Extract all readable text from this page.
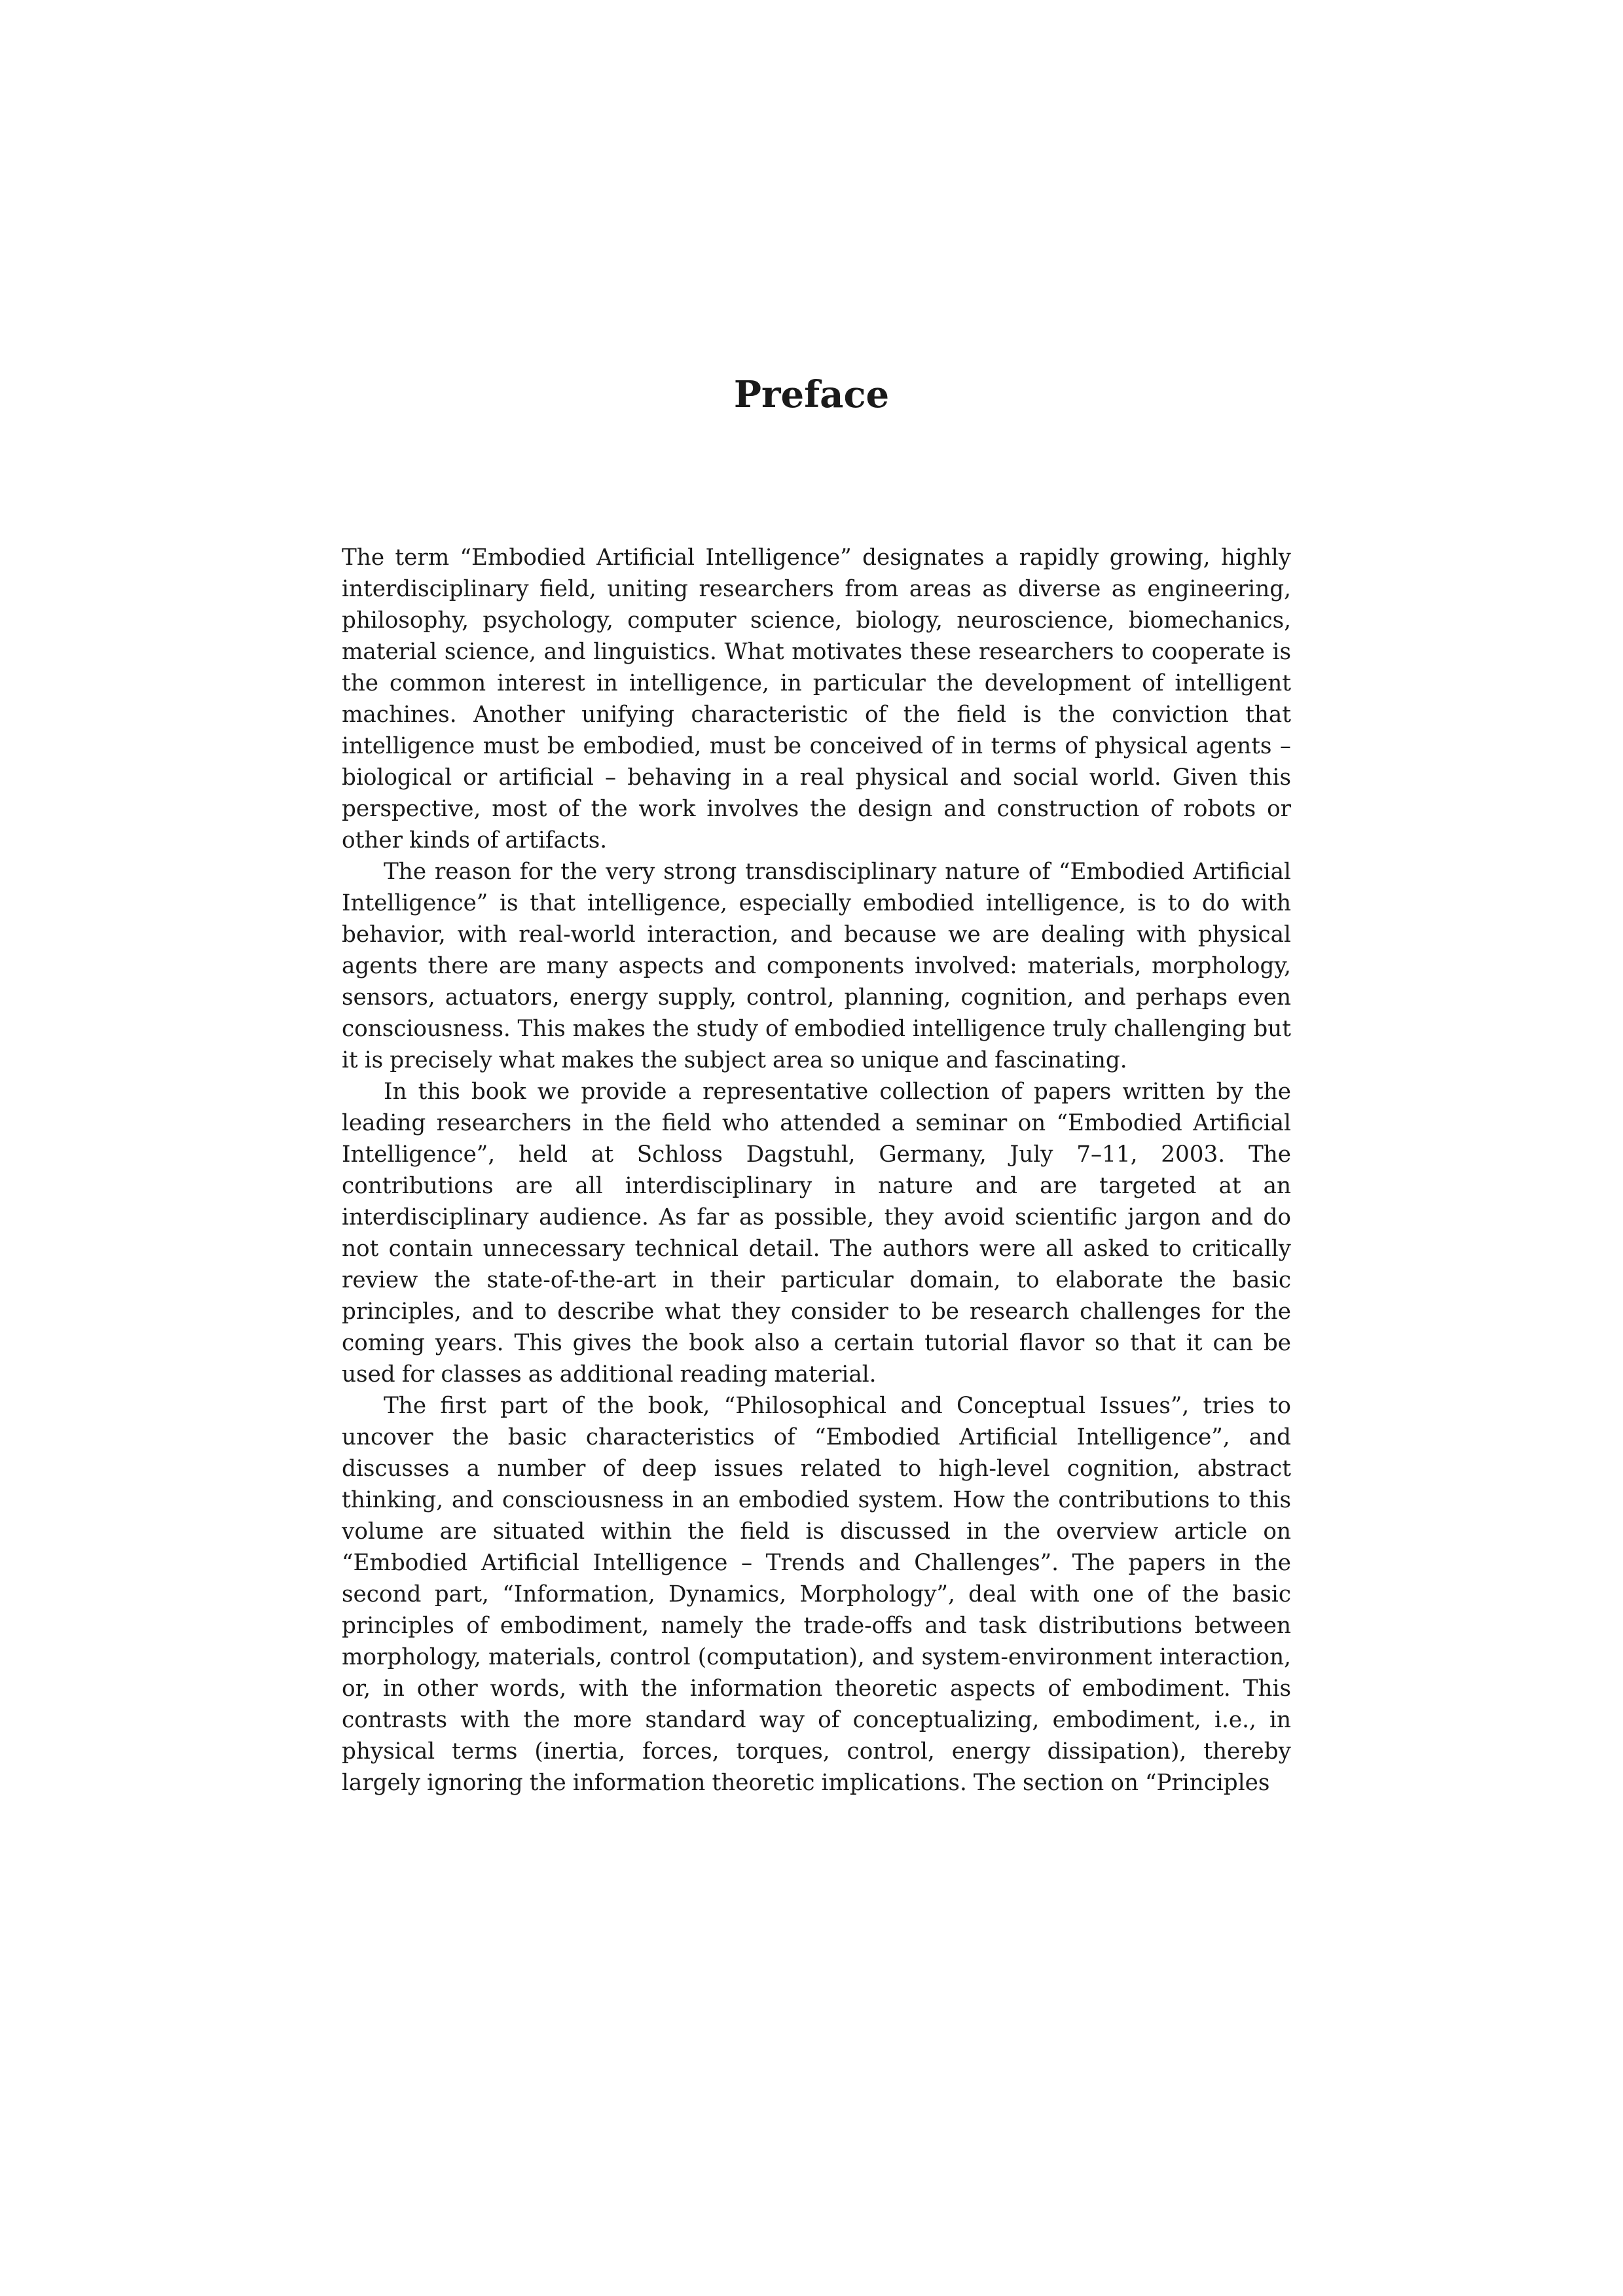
Preface

The term “Embodied Artificial Intelligence” designates a rapidly growing, highly interdisciplinary field, uniting researchers from areas as diverse as engineering, philosophy, psychology, computer science, biology, neuroscience, biomechanics, material science, and linguistics. What motivates these researchers to cooperate is the common interest in intelligence, in particular the development of intelligent machines. Another unifying characteristic of the field is the conviction that intelligence must be embodied, must be conceived of in terms of physical agents – biological or artificial – behaving in a real physical and social world. Given this perspective, most of the work involves the design and construction of robots or other kinds of artifacts.

The reason for the very strong transdisciplinary nature of “Embodied Artificial Intelligence” is that intelligence, especially embodied intelligence, is to do with behavior, with real-world interaction, and because we are dealing with physical agents there are many aspects and components involved: materials, morphology, sensors, actuators, energy supply, control, planning, cognition, and perhaps even consciousness. This makes the study of embodied intelligence truly challenging but it is precisely what makes the subject area so unique and fascinating.

In this book we provide a representative collection of papers written by the leading researchers in the field who attended a seminar on “Embodied Artificial Intelligence”, held at Schloss Dagstuhl, Germany, July 7–11, 2003. The contributions are all interdisciplinary in nature and are targeted at an interdisciplinary audience. As far as possible, they avoid scientific jargon and do not contain unnecessary technical detail. The authors were all asked to critically review the state-of-the-art in their particular domain, to elaborate the basic principles, and to describe what they consider to be research challenges for the coming years. This gives the book also a certain tutorial flavor so that it can be used for classes as additional reading material.

The first part of the book, “Philosophical and Conceptual Issues”, tries to uncover the basic characteristics of “Embodied Artificial Intelligence”, and discusses a number of deep issues related to high-level cognition, abstract thinking, and consciousness in an embodied system. How the contributions to this volume are situated within the field is discussed in the overview article on “Embodied Artificial Intelligence – Trends and Challenges”. The papers in the second part, “Information, Dynamics, Morphology”, deal with one of the basic principles of embodiment, namely the trade-offs and task distributions between morphology, materials, control (computation), and system-environment interaction, or, in other words, with the information theoretic aspects of embodiment. This contrasts with the more standard way of conceptualizing, embodiment, i.e., in physical terms (inertia, forces, torques, control, energy dissipation), thereby largely ignoring the information theoretic implications. The section on “Principles
